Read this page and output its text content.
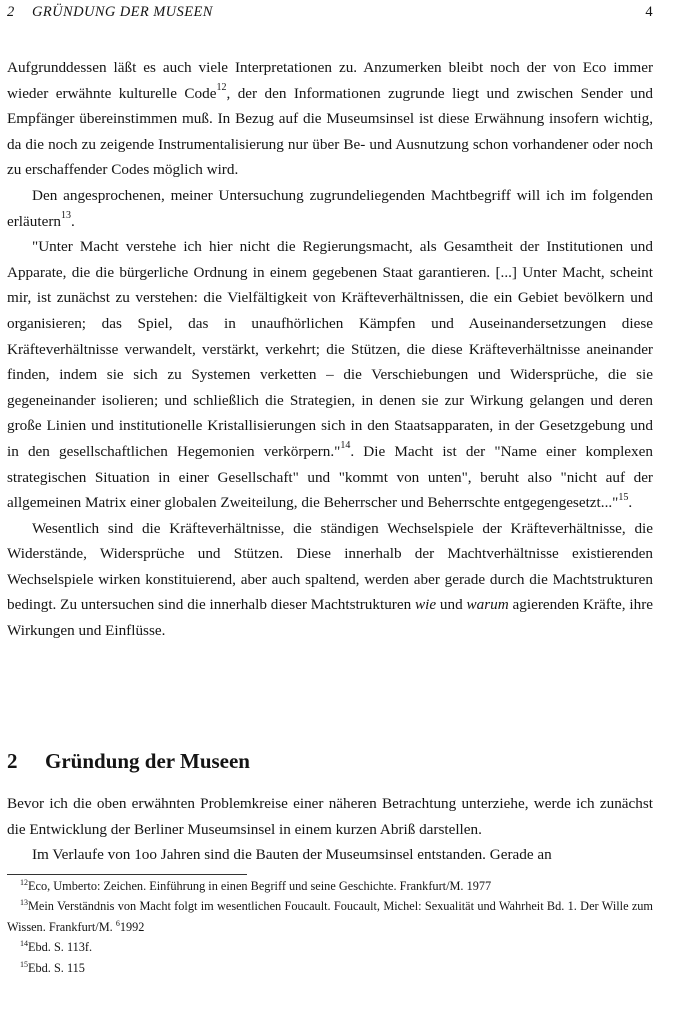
2 GRÜNDUNG DER MUSEEN	4

Aufgrunddessen läßt es auch viele Interpretationen zu. Anzumerken bleibt noch der von Eco immer wieder erwähnte kulturelle Code$^{12}$, der den Informationen zugrunde liegt und zwischen Sender und Empfänger übereinstimmen muß. In Bezug auf die Museumsinsel ist diese Erwähnung insofern wichtig, da die noch zu zeigende Instrumentalisierung nur über Be- und Ausnutzung schon vorhandener oder noch zu erschaffender Codes möglich wird.

Den angesprochenen, meiner Untersuchung zugrundeliegenden Machtbegriff will ich im folgenden erläutern$^{13}$.

"Unter Macht verstehe ich hier nicht die Regierungsmacht, als Gesamtheit der Institutionen und Apparate, die die bürgerliche Ordnung in einem gegebenen Staat garantieren. [...] Unter Macht, scheint mir, ist zunächst zu verstehen: die Vielfältigkeit von Kräfteverhältnissen, die ein Gebiet bevölkern und organisieren; das Spiel, das in unaufhörlichen Kämpfen und Auseinandersetzungen diese Kräfteverhältnisse verwandelt, verstärkt, verkehrt; die Stützen, die diese Kräfteverhältnisse aneinander finden, indem sie sich zu Systemen verketten – die Verschiebungen und Widersprüche, die sie gegeneinander isolieren; und schließlich die Strategien, in denen sie zur Wirkung gelangen und deren große Linien und institutionelle Kristallisierungen sich in den Staatsapparaten, in der Gesetzgebung und in den gesellschaftlichen Hegemonien verkörpern."$^{14}$. Die Macht ist der "Name einer komplexen strategischen Situation in einer Gesellschaft" und "kommt von unten", beruht also "nicht auf der allgemeinen Matrix einer globalen Zweiteilung, die Beherrscher und Beherrschte entgegengesetzt..."$^{15}$.

Wesentlich sind die Kräfteverhältnisse, die ständigen Wechselspiele der Kräfteverhältnisse, die Widerstände, Widersprüche und Stützen. Diese innerhalb der Machtverhältnisse existierenden Wechselspiele wirken konstituierend, aber auch spaltend, werden aber gerade durch die Machtstrukturen bedingt. Zu untersuchen sind die innerhalb dieser Machtstrukturen wie und warum agierenden Kräfte, ihre Wirkungen und Einflüsse.

2 Gründung der Museen

Bevor ich die oben erwähnten Problemkreise einer näheren Betrachtung unterziehe, werde ich zunächst die Entwicklung der Berliner Museumsinsel in einem kurzen Abriß darstellen.

Im Verlaufe von 1oo Jahren sind die Bauten der Museumsinsel entstanden. Gerade an

$^{12}$Eco, Umberto: Zeichen. Einführung in einen Begriff und seine Geschichte. Frankfurt/M. 1977

$^{13}$Mein Verständnis von Macht folgt im wesentlichen Foucault. Foucault, Michel: Sexualität und Wahrheit Bd. 1. Der Wille zum Wissen. Frankfurt/M. $^6$1992

$^{14}$Ebd. S. 113f.

$^{15}$Ebd. S. 115
